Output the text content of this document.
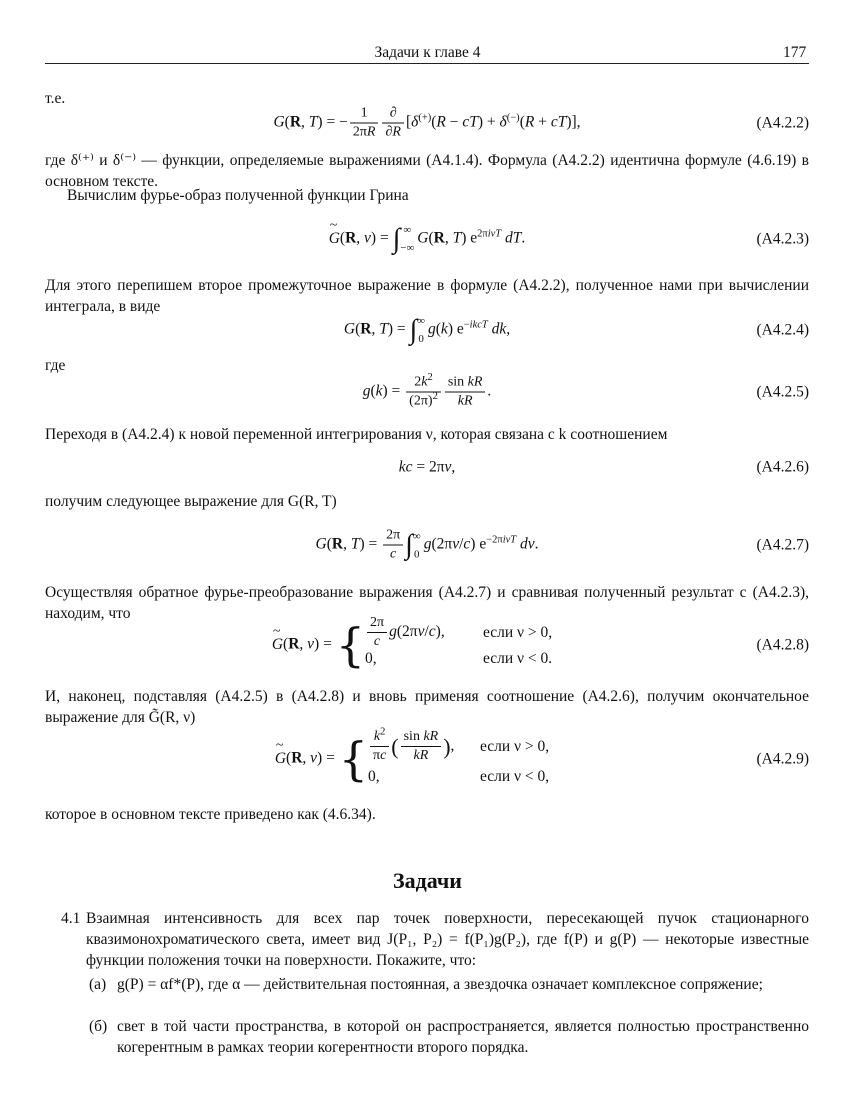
Задачи к главе 4	177
т.е.
G(R, T) = − $\frac{1}{2\pi R} \frac{\partial}{\partial R} [\delta^{(+)}(R - cT) + \delta^{(-)}(R + cT)]$,	(A4.2.2)
где δ⁽⁺⁾ и δ⁽⁻⁾ — функции, определяемые выражениями (A4.1.4). Формула (A4.2.2) идентична формуле (4.6.19) в основном тексте.
Вычислим фурье-образ полученной функции Грина
~ G(R, ν) = ∫ ∞
−∞
G(R, T) $e^{2\pi i\nu T}$ dT.	(A4.2.3)
Для этого перепишем второе промежуточное выражение в формуле (A4.2.2), полученное нами при вычислении интеграла, в виде
G(R, T) = ∫ ∞
0
g(k) $e^{-ikcT}$ dk,	(A4.2.4)
где
$g(k) = \frac{2k^2}{(2\pi)^2} \frac{\text{sin kR}}{kR}$ .	(A4.2.5)
Переходя в (A4.2.4) к новой переменной интегрирования ν, которая связана с k соотношением
kc = 2πν,	(A4.2.6)
получим следующее выражение для G(R, T)
G(R, $T) = \frac{2\pi}{c}$ ∫ ∞
0
g(2πν/c) $e^{-2\pi i\nu T}$ dν.	(A4.2.7)
Осуществляя обратное фурье-преобразование выражения (A4.2.7) и сравнивая полученный результат с (A4.2.3), находим, что
~ G(R, ν) = { $\frac{2\pi}{c} g(2\pi\nu/c)$,	если ν > 0,
0,	если ν < 0.
(A4.2.8)
И, наконец, подставляя (A4.2.5) в (A4.2.8) и вновь применяя соотношение (A4.2.6), получим окончательное выражение для G̃(R, ν)
~ G(R, ν) = { $\frac{k^2}{\pi c}$ ( $\frac{\text{sin kR}}{kR}$ ),	если ν > 0,
0,	если ν < 0,
(A4.2.9)
которое в основном тексте приведено как (4.6.34).
Задачи
4.1 Взаимная интенсивность для всех пар точек поверхности, пересекающей пучок стационарного квазимонохроматического света, имеет вид J(P₁, P₂) = f(P₁)g(P₂), где f(P) и g(P) — некоторые известные функции положения точки на поверхности. Покажите, что:
(а) g(P) = αf*(P), где α — действительная постоянная, а звездочка означает комплексное сопряжение;
(б) свет в той части пространства, в которой он распространяется, является полностью пространственно когерентным в рамках теории когерентности второго порядка.
